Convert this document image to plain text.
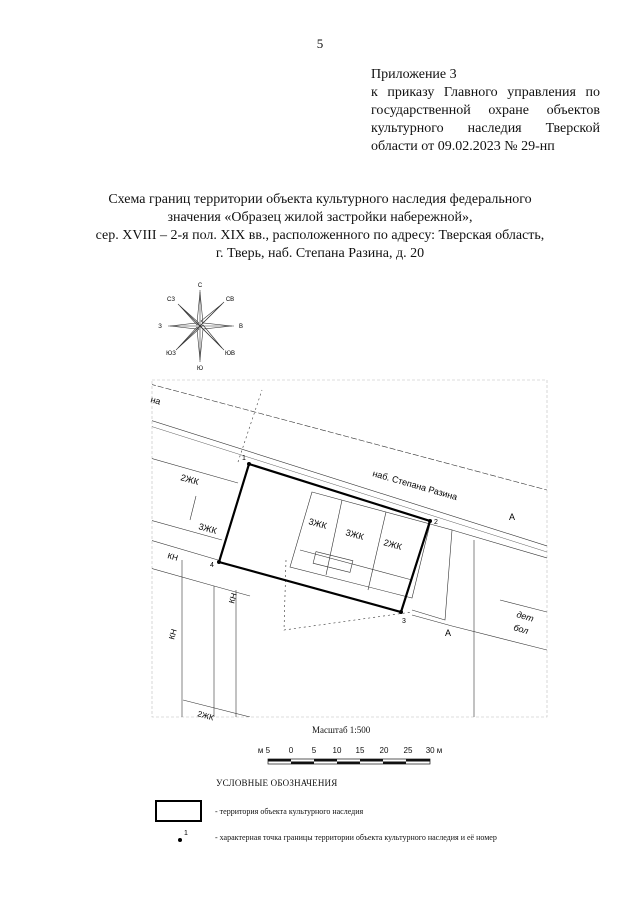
5
Приложение 3
к приказу Главного управления по
государственной охране объектов
культурного наследия Тверской
области от 09.02.2023 № 29-нп
Схема границ территории объекта культурного наследия федерального
значения «Образец жилой застройки набережной»,
сер. XVIII – 2-я пол. XIX вв., расположенного по адресу: Тверская область,
г. Тверь, наб. Степана Разина, д. 20
С
СВ
В
ЮВ
Ю
ЮЗ
З
СЗ
1
2
3
4
наб. Степана Разина
на
2ЖК
3ЖК
КН
КН
КН
3ЖК
3ЖК
2ЖК
2ЖК
А
А
дет
бол
Масштаб 1:500
м 5 0 5 10 15 20 25 30 м
УСЛОВНЫЕ ОБОЗНАЧЕНИЯ
- территория объекта культурного наследия
1	- характерная точка границы территории объекта культурного наследия и её номер
